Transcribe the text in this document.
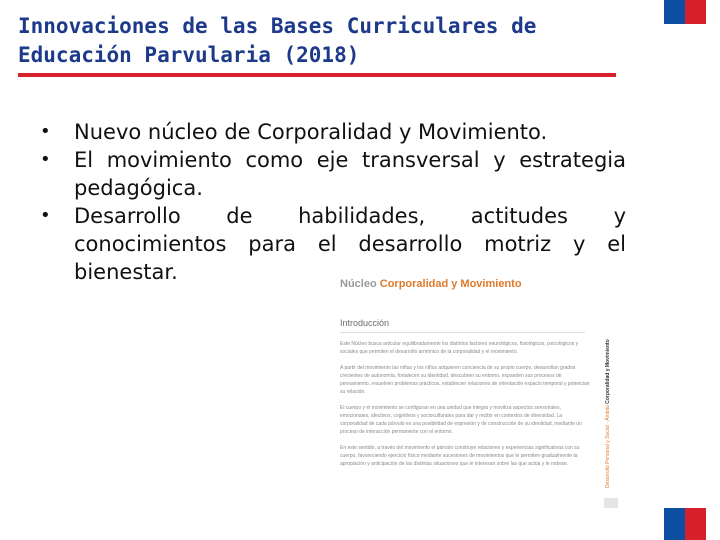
Innovaciones de las Bases Curriculares de
Educación Parvularia (2018)
•	Nuevo núcleo de Corporalidad y Movimiento.
•	El movimiento como eje transversal y estrategia pedagógica.
•	Desarrollo de habilidades, actitudes y conocimientos para el desarrollo motriz y el bienestar.	Núcleo Corporalidad y Movimiento
Introducción

Este Núcleo busca articular equilibradamente los distintos factores neurológicos, fisiológicos, psicológicos y sociales que permiten el desarrollo armónico de la corporalidad y el movimiento.

A partir del movimiento las niñas y los niños adquieren conciencia de su propio cuerpo, desarrollan grados crecientes de autonomía, fortalecen su identidad, descubren su entorno, expanden sus procesos de pensamiento, resuelven problemas prácticos, establecen relaciones de orientación espacio temporal y potencian su relación.

El cuerpo y el movimiento se configuran en una unidad que integra y moviliza aspectos sensoriales, emocionales, afectivos, cognitivos y socioculturales para dar y recibir en contextos de diversidad. La corporalidad de cada párvulo es una posibilidad de expresión y de construcción de su identidad, mediante un proceso de interacción permanente con el entorno.

En este sentido, a través del movimiento el párvulo construye relaciones y experiencias significativas con su cuerpo, favoreciendo ejercicio físico mediante sucesiones de movimientos que le permiten gradualmente la apropiación y anticipación de las distintas situaciones que le interesan sobre las que actúa y le rodean.	Desarrollo Personal y Social · Ámbito Corporalidad y Movimiento
